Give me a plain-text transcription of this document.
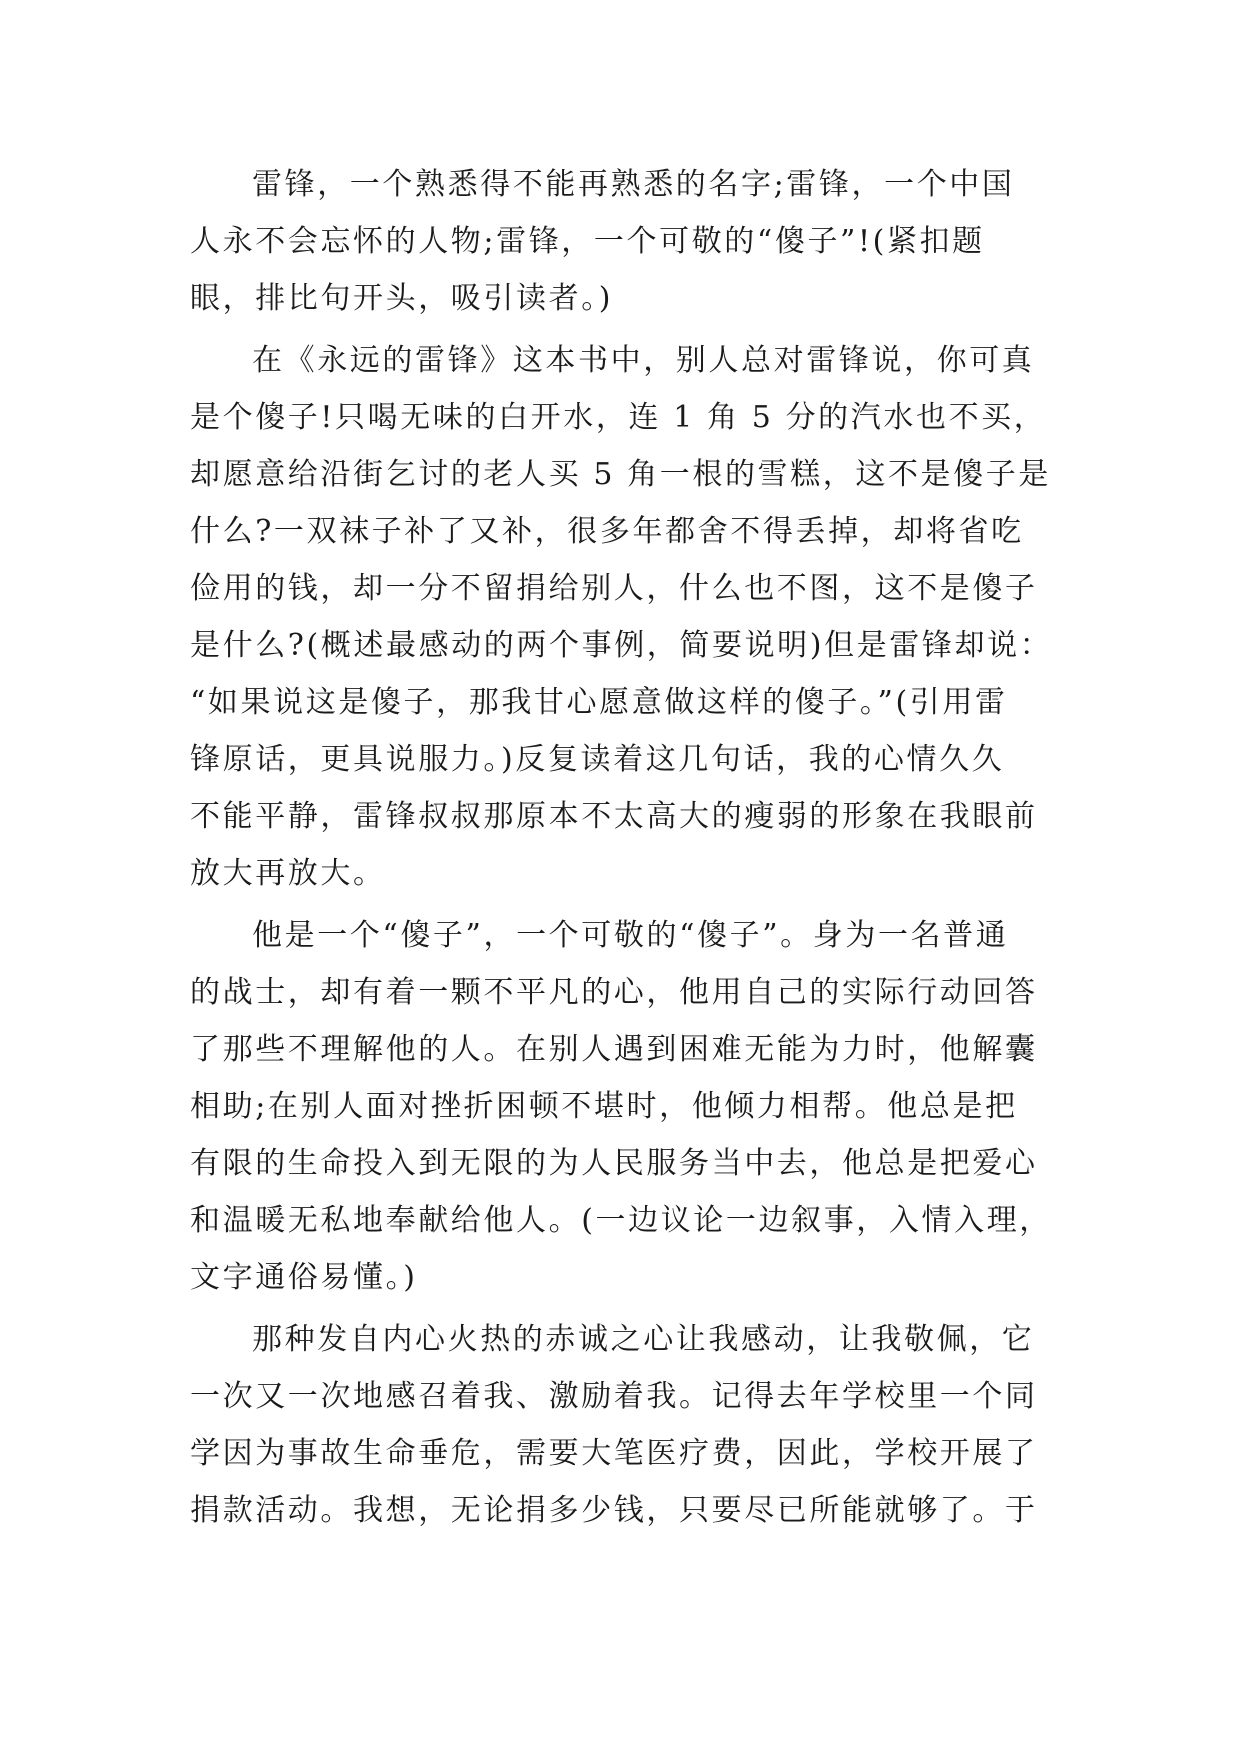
雷锋，一个熟悉得不能再熟悉的名字;雷锋，一个中国
人永不会忘怀的人物;雷锋，一个可敬的“傻子”!(紧扣题
眼，排比句开头，吸引读者。)
在《永远的雷锋》这本书中，别人总对雷锋说，你可真
是个傻子!只喝无味的白开水，连 1 角 5 分的汽水也不买，
却愿意给沿街乞讨的老人买 5 角一根的雪糕，这不是傻子是
什么?一双袜子补了又补，很多年都舍不得丢掉，却将省吃
俭用的钱，却一分不留捐给别人，什么也不图，这不是傻子
是什么?(概述最感动的两个事例，简要说明)但是雷锋却说：
“如果说这是傻子，那我甘心愿意做这样的傻子。”(引用雷
锋原话，更具说服力。)反复读着这几句话，我的心情久久
不能平静，雷锋叔叔那原本不太高大的瘦弱的形象在我眼前
放大再放大。
他是一个“傻子”，一个可敬的“傻子”。身为一名普通
的战士，却有着一颗不平凡的心，他用自己的实际行动回答
了那些不理解他的人。在别人遇到困难无能为力时，他解囊
相助;在别人面对挫折困顿不堪时，他倾力相帮。他总是把
有限的生命投入到无限的为人民服务当中去，他总是把爱心
和温暖无私地奉献给他人。(一边议论一边叙事，入情入理，
文字通俗易懂。)
那种发自内心火热的赤诚之心让我感动，让我敬佩，它
一次又一次地感召着我、激励着我。记得去年学校里一个同
学因为事故生命垂危，需要大笔医疗费，因此，学校开展了
捐款活动。我想，无论捐多少钱，只要尽已所能就够了。于
